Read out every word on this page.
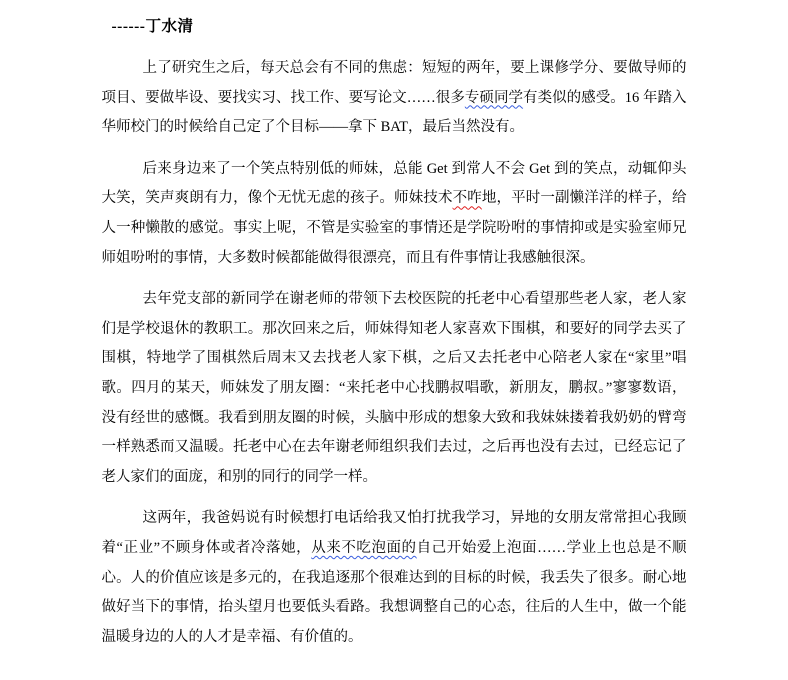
------丁水清

上了研究生之后，每天总会有不同的焦虑：短短的两年，要上课修学分、要做导师的项目、要做毕设、要找实习、找工作、要写论文……很多专硕同学有类似的感受。16 年踏入华师校门的时候给自己定了个目标——拿下 BAT，最后当然没有。

后来身边来了一个笑点特别低的师妹，总能 Get 到常人不会 Get 到的笑点，动辄仰头大笑，笑声爽朗有力，像个无忧无虑的孩子。师妹技术不咋地，平时一副懒洋洋的样子，给人一种懒散的感觉。事实上呢，不管是实验室的事情还是学院吩咐的事情抑或是实验室师兄师姐吩咐的事情，大多数时候都能做得很漂亮，而且有件事情让我感触很深。

去年党支部的新同学在谢老师的带领下去校医院的托老中心看望那些老人家，老人家们是学校退休的教职工。那次回来之后，师妹得知老人家喜欢下围棋，和要好的同学去买了围棋，特地学了围棋然后周末又去找老人家下棋，之后又去托老中心陪老人家在“家里”唱歌。四月的某天，师妹发了朋友圈：“来托老中心找鹏叔唱歌，新朋友，鹏叔。”寥寥数语，没有经世的感慨。我看到朋友圈的时候，头脑中形成的想象大致和我妹妹搂着我奶奶的臂弯一样熟悉而又温暖。托老中心在去年谢老师组织我们去过，之后再也没有去过，已经忘记了老人家们的面庞，和别的同行的同学一样。

这两年，我爸妈说有时候想打电话给我又怕打扰我学习，异地的女朋友常常担心我顾着“正业”不顾身体或者冷落她，从来不吃泡面的自己开始爱上泡面……学业上也总是不顺心。人的价值应该是多元的，在我追逐那个很难达到的目标的时候，我丢失了很多。耐心地做好当下的事情，抬头望月也要低头看路。我想调整自己的心态，往后的人生中，做一个能温暖身边的人的人才是幸福、有价值的。
